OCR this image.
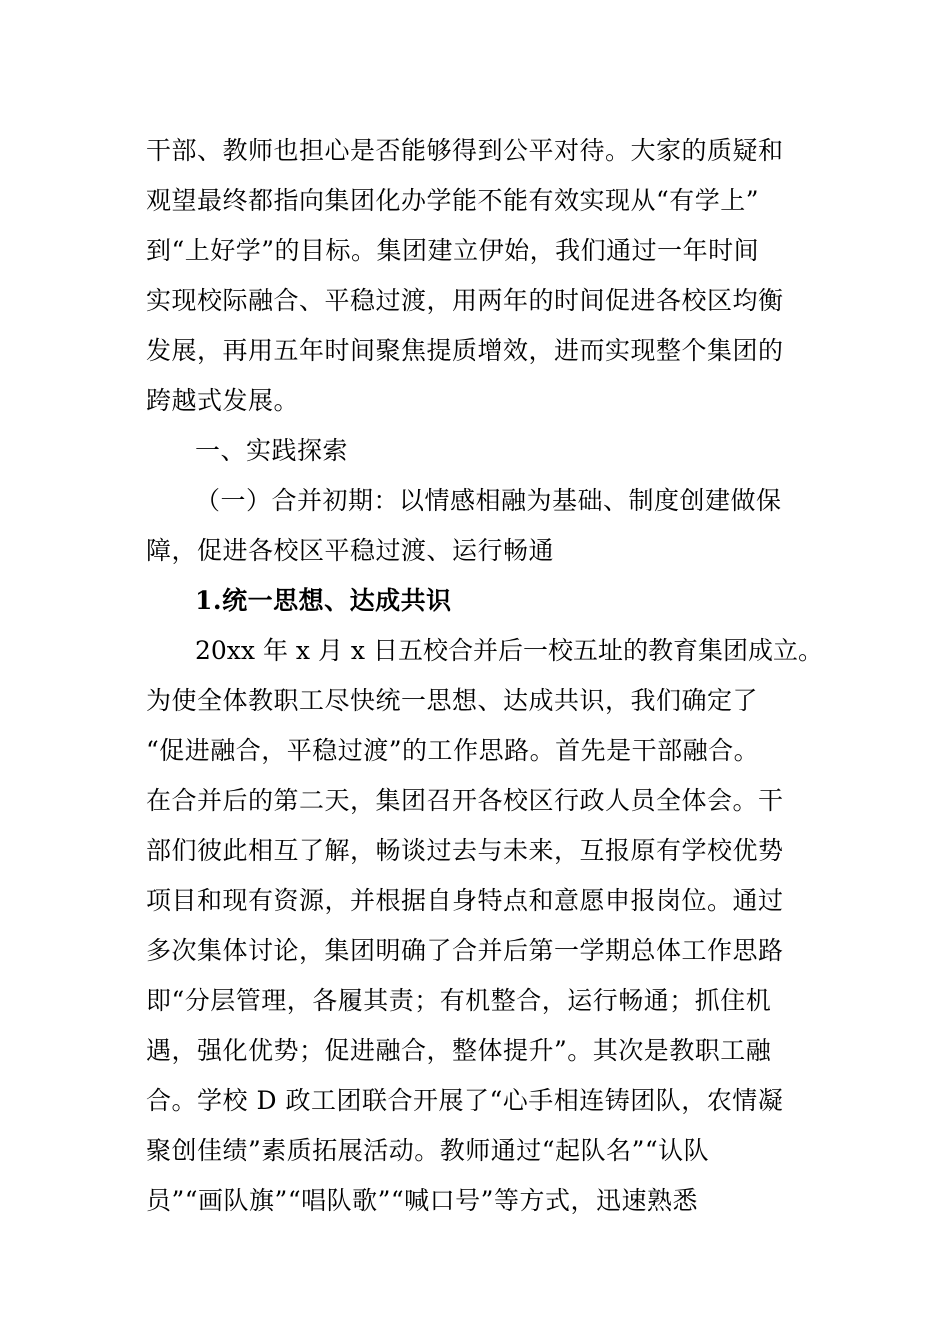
干部、教师也担心是否能够得到公平对待。大家的质疑和
观望最终都指向集团化办学能不能有效实现从“有学上”
到“上好学”的目标。集团建立伊始，我们通过一年时间
实现校际融合、平稳过渡，用两年的时间促进各校区均衡
发展，再用五年时间聚焦提质增效，进而实现整个集团的
跨越式发展。
一、实践探索
（一）合并初期：以情感相融为基础、制度创建做保
障，促进各校区平稳过渡、运行畅通
1.统一思想、达成共识
20xx 年 x 月 x 日五校合并后一校五址的教育集团成立。
为使全体教职工尽快统一思想、达成共识，我们确定了
“促进融合，平稳过渡”的工作思路。首先是干部融合。
在合并后的第二天，集团召开各校区行政人员全体会。干
部们彼此相互了解，畅谈过去与未来，互报原有学校优势
项目和现有资源，并根据自身特点和意愿申报岗位。通过
多次集体讨论，集团明确了合并后第一学期总体工作思路
即“分层管理，各履其责；有机整合，运行畅通；抓住机
遇，强化优势；促进融合，整体提升”。其次是教职工融
合。学校 D 政工团联合开展了“心手相连铸团队，农情凝
聚创佳绩”素质拓展活动。教师通过“起队名”“认队
员”“画队旗”“唱队歌”“喊口号”等方式，迅速熟悉
